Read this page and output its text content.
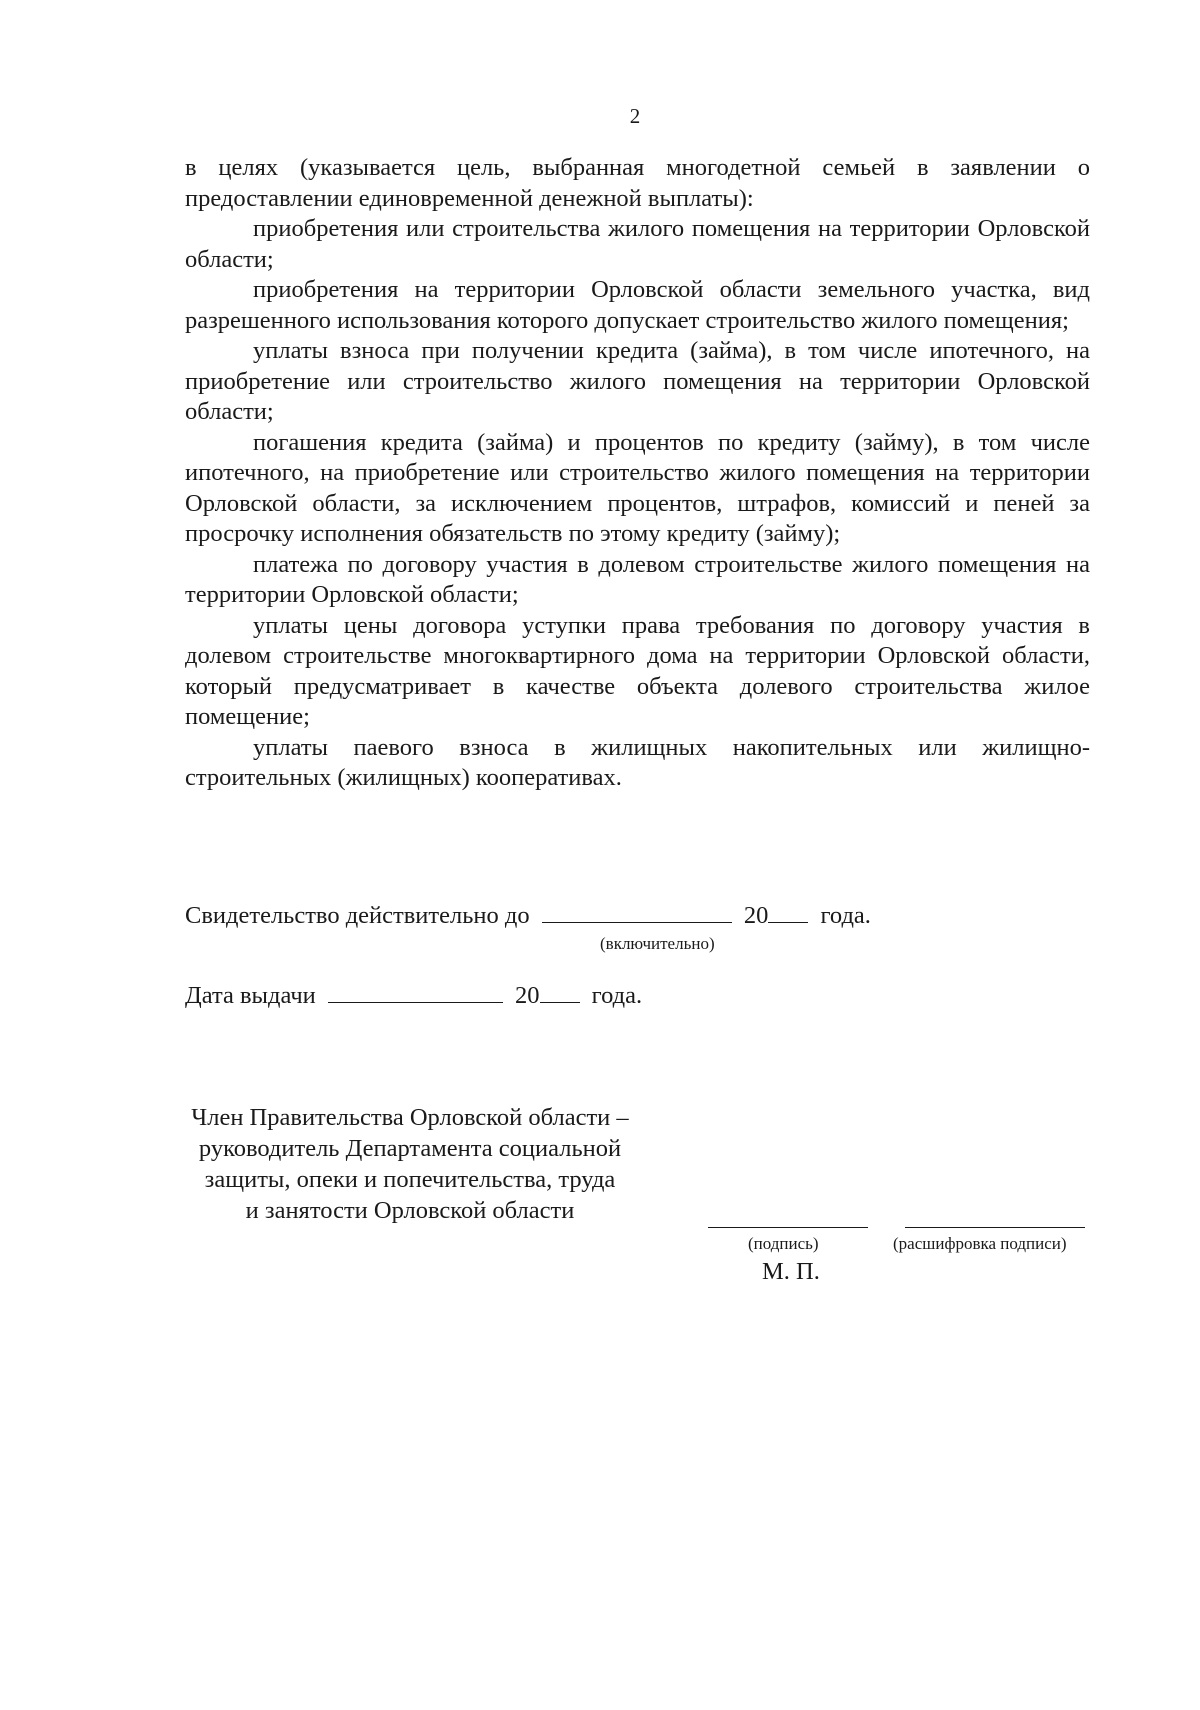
2

в целях (указывается цель, выбранная многодетной семьей в заявлении о предоставлении единовременной денежной выплаты):

приобретения или строительства жилого помещения на территории Орловской области;

приобретения на территории Орловской области земельного участка, вид разрешенного использования которого допускает строительство жилого помещения;

уплаты взноса при получении кредита (займа), в том числе ипотечного, на приобретение или строительство жилого помещения на территории Орловской области;

погашения кредита (займа) и процентов по кредиту (займу), в том числе ипотечного, на приобретение или строительство жилого помещения на территории Орловской области, за исключением процентов, штрафов, комиссий и пеней за просрочку исполнения обязательств по этому кредиту (займу);

платежа по договору участия в долевом строительстве жилого помещения на территории Орловской области;

уплаты цены договора уступки права требования по договору участия в долевом строительстве многоквартирного дома на территории Орловской области, который предусматривает в качестве объекта долевого строительства жилое помещение;

уплаты паевого взноса в жилищных накопительных или жилищно-строительных (жилищных) кооперативах.

Свидетельство действительно до	20 года.
(включительно)
Дата выдачи	20 года.
Член Правительства Орловской области –
руководитель Департамента социальной
защиты, опеки и попечительства, труда
и занятости Орловской области
(подпись)	(расшифровка подписи)
М. П.
